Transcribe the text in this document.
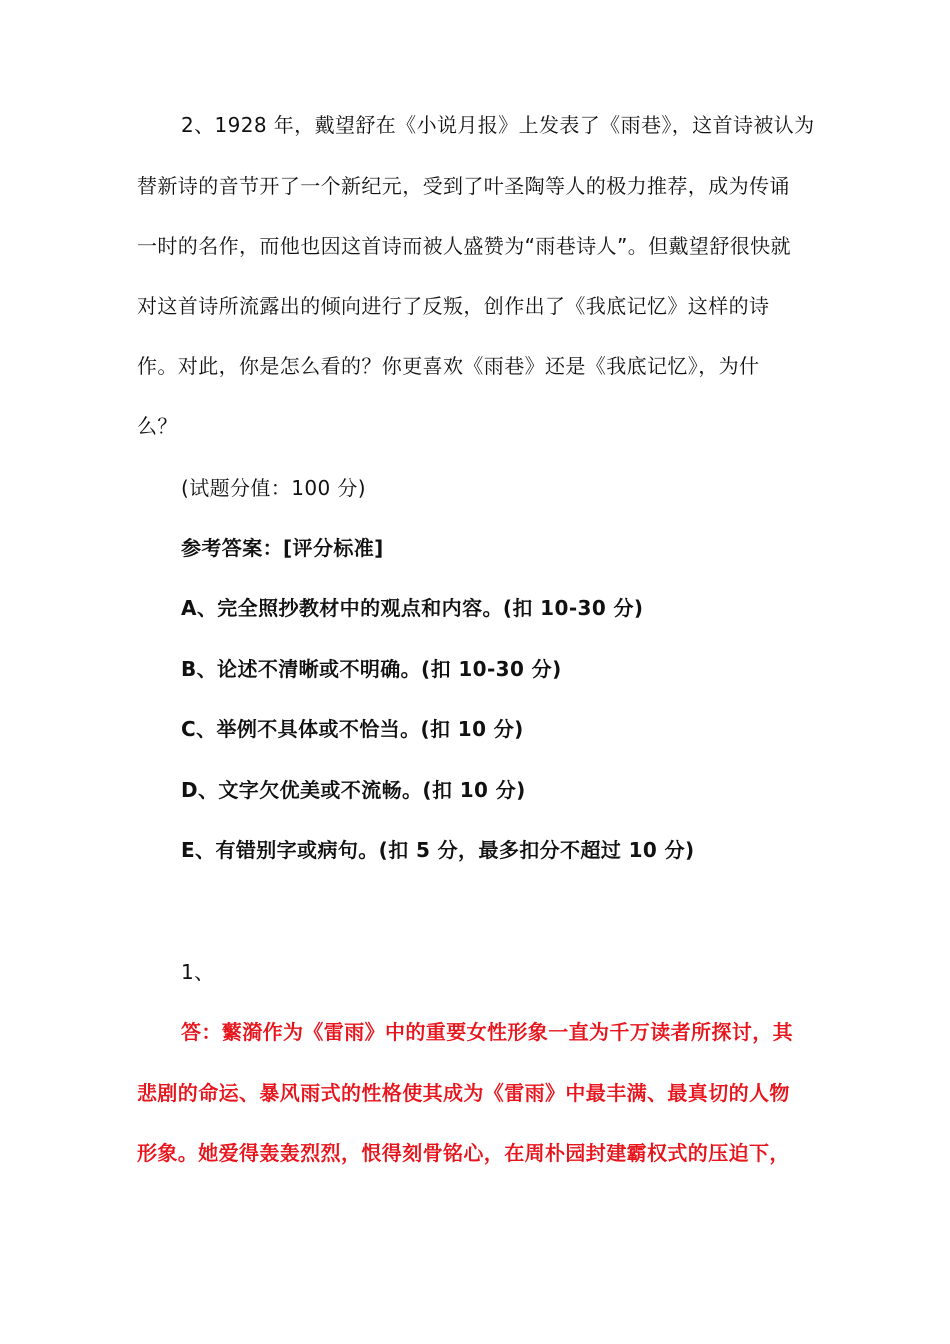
2、1928 年，戴望舒在《小说月报》上发表了《雨巷》，这首诗被认为
替新诗的音节开了一个新纪元，受到了叶圣陶等人的极力推荐，成为传诵
一时的名作，而他也因这首诗而被人盛赞为“雨巷诗人”。但戴望舒很快就
对这首诗所流露出的倾向进行了反叛，创作出了《我底记忆》这样的诗
作。对此，你是怎么看的？你更喜欢《雨巷》还是《我底记忆》，为什
么？
(试题分值：100 分)
参考答案：[评分标准]
A、完全照抄教材中的观点和内容。(扣 10-30 分)
B、论述不清晰或不明确。(扣 10-30 分)
C、举例不具体或不恰当。(扣 10 分)
D、文字欠优美或不流畅。(扣 10 分)
E、有错别字或病句。(扣 5 分，最多扣分不超过 10 分)
1、
答：蘩漪作为《雷雨》中的重要女性形象一直为千万读者所探讨，其
悲剧的命运、暴风雨式的性格使其成为《雷雨》中最丰满、最真切的人物
形象。她爱得轰轰烈烈，恨得刻骨铭心，在周朴园封建霸权式的压迫下，
